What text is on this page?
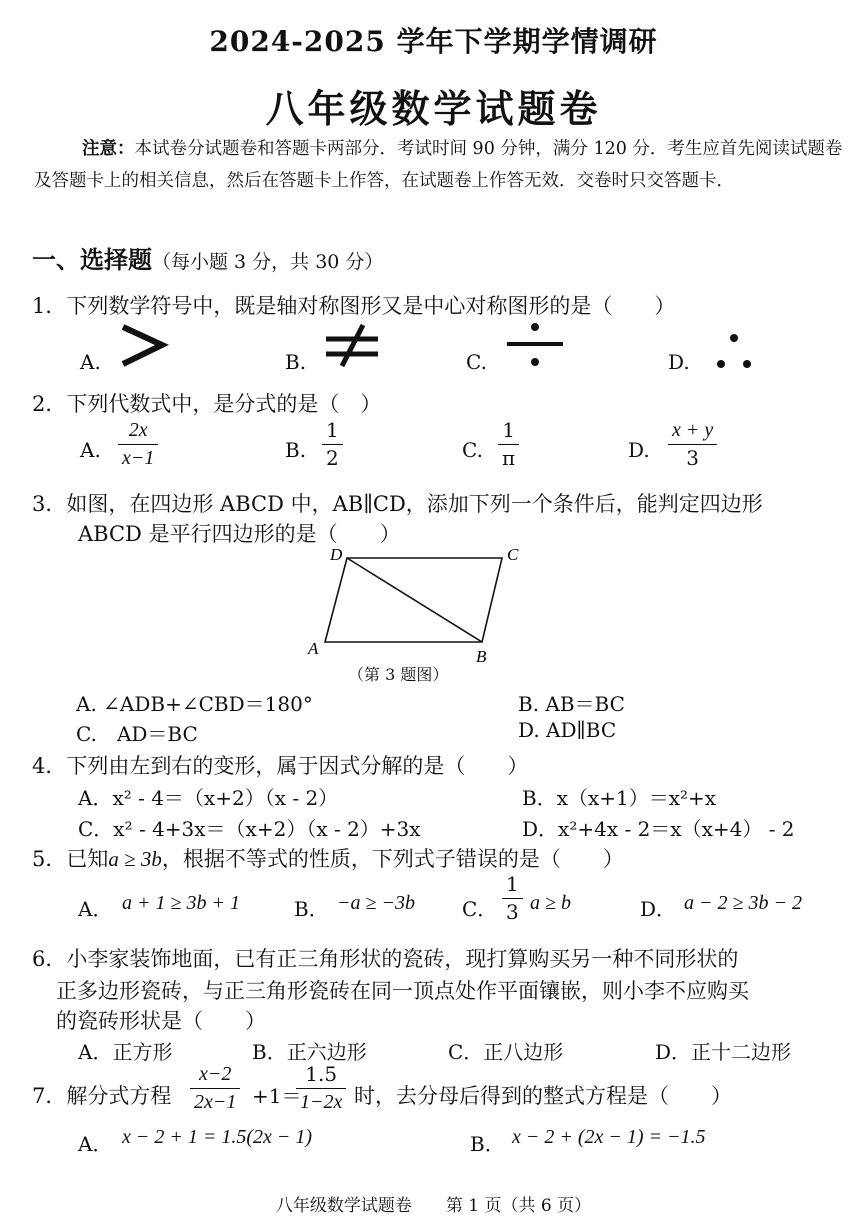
2024-2025 学年下学期学情调研
八年级数学试题卷
注意：本试卷分试题卷和答题卡两部分．考试时间 90 分钟，满分 120 分．考生应首先阅读试题卷及答题卡上的相关信息，然后在答题卡上作答，在试题卷上作答无效．交卷时只交答题卡．
一、选择题（每小题 3 分，共 30 分）
1．下列数学符号中，既是轴对称图形又是中心对称图形的是（　　）
A.	B.	C.	D.
2．下列代数式中，是分式的是（　）
A. $\frac{2x}{x-1}$	B. $\frac{1}{2}$	C. $\frac{1}{\pi}$	D. $\frac{x + y}{3}$
3．如图，在四边形 ABCD 中，AB∥CD，添加下列一个条件后，能判定四边形
ABCD 是平行四边形的是（　　）
A	B
C
D
（第 3 题图）
A. ∠ADB+∠CBD＝180°	B. AB＝BC
C.　AD＝BC	D. AD∥BC
4．下列由左到右的变形，属于因式分解的是（　　）
A．x² - 4＝（x+2）（x - 2）	B．x（x+1）＝x²+x
C．x² - 4+3x＝（x+2）（x - 2）+3x	D．x²+4x - 2＝x（x+4） - 2
5．已知a ≥ 3b，根据不等式的性质，下列式子错误的是（　　）
A． a + 1 ≥ 3b + 1	B． −a ≥ −3b C． $\frac{1}{3}$ a ≥ b	D． a − 2 ≥ 3b − 2
6．小李家装饰地面，已有正三角形状的瓷砖，现打算购买另一种不同形状的
正多边形瓷砖，与正三角形瓷砖在同一顶点处作平面镶嵌，则小李不应购买
的瓷砖形状是（　　）
A．正方形	B．正六边形	C．正八边形	D．正十二边形
7．解分式方程 $\frac{x-2}{2x-1} +1=$
$\frac{1.5}{1-2x}$ 时，去分母后得到的整式方程是（　　）
A． x − 2 + 1 = 1.5(2x − 1)	B． x − 2 + (2x − 1) = −1.5
八年级数学试题卷　　 第 1 页（共 6 页）
